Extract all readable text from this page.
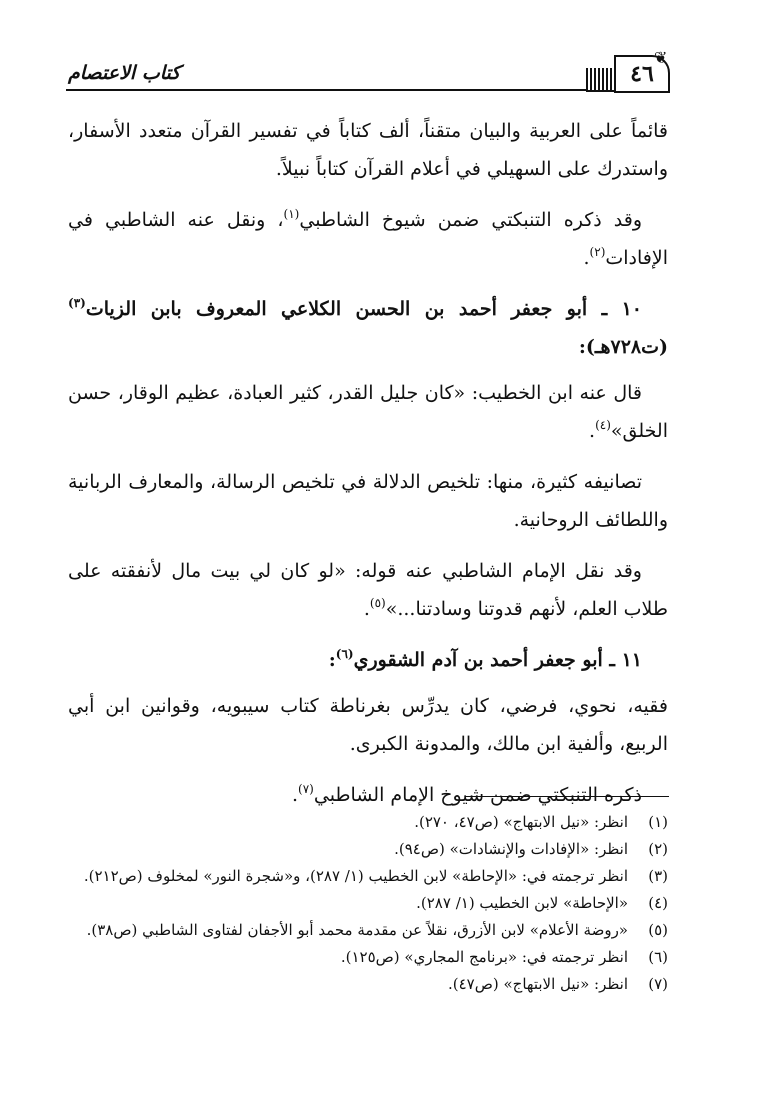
كتاب الاعتصام	٤٦
❦

قائماً على العربية والبيان متقناً، ألف كتاباً في تفسير القرآن متعدد الأسفار، واستدرك على السهيلي في أعلام القرآن كتاباً نبيلاً.

وقد ذكره التنبكتي ضمن شيوخ الشاطبي$^{(١)}$، ونقل عنه الشاطبي في الإفادات$^{(٢)}$.

١٠ ـ أبو جعفر أحمد بن الحسن الكلاعي المعروف بابن الزيات$^{(٣)}$ (ت٧٢٨هـ):

قال عنه ابن الخطيب: «كان جليل القدر، كثير العبادة، عظيم الوقار، حسن الخلق»$^{(٤)}$.

تصانيفه كثيرة، منها: تلخيص الدلالة في تلخيص الرسالة، والمعارف الربانية واللطائف الروحانية.

وقد نقل الإمام الشاطبي عنه قوله: «لو كان لي بيت مال لأنفقته على طلاب العلم، لأنهم قدوتنا وسادتنا...»$^{(٥)}$.

١١ ـ أبو جعفر أحمد بن آدم الشقوري$^{(٦)}$:

فقيه، نحوي، فرضي، كان يدرِّس بغرناطة كتاب سيبويه، وقوانين ابن أبي الربيع، وألفية ابن مالك، والمدونة الكبرى.

ذكره التنبكتي ضمن شيوخ الإمام الشاطبي$^{(٧)}$.

(١)
انظر: «نيل الابتهاج» (ص٤٧، ٢٧٠).
(٢)
انظر: «الإفادات والإنشادات» (ص٩٤).
(٣)
انظر ترجمته في: «الإحاطة» لابن الخطيب (١/ ٢٨٧)، و«شجرة النور» لمخلوف (ص٢١٢).
(٤)
«الإحاطة» لابن الخطيب (١/ ٢٨٧).
(٥)
«روضة الأعلام» لابن الأزرق، نقلاً عن مقدمة محمد أبو الأجفان لفتاوى الشاطبي (ص٣٨).
(٦)
انظر ترجمته في: «برنامج المجاري» (ص١٢٥).
(٧)
انظر: «نيل الابتهاج» (ص٤٧).
